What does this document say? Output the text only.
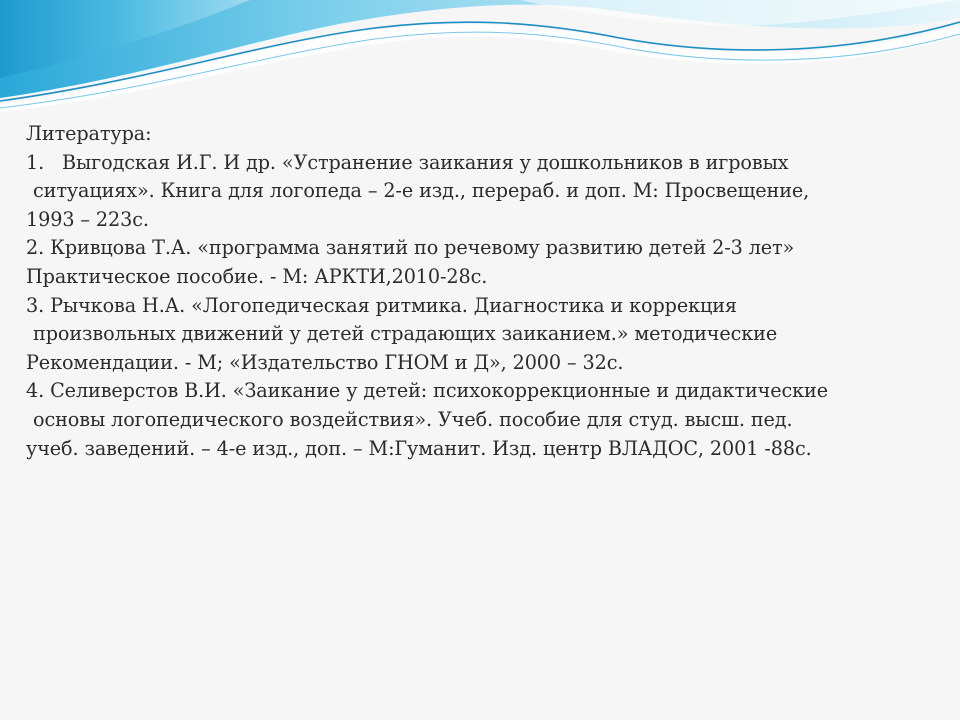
Литература:
1. Выгодская И.Г. И др. «Устранение заикания у дошкольников в игровых
ситуациях». Книга для логопеда – 2-е изд., перераб. и доп. М: Просвещение,
1993 – 223с.
2. Кривцова Т.А. «программа занятий по речевому развитию детей 2-3 лет»
Практическое пособие. - М: АРКТИ,2010-28с.
3. Рычкова Н.А. «Логопедическая ритмика. Диагностика и коррекция
произвольных движений у детей страдающих заиканием.» методические
Рекомендации. - М; «Издательство ГНОМ и Д», 2000 – 32с.
4. Селиверстов В.И. «Заикание у детей: психокоррекционные и дидактические
основы логопедического воздействия». Учеб. пособие для студ. высш. пед.
учеб. заведений. – 4-е изд., доп. – М:Гуманит. Изд. центр ВЛАДОС, 2001 -88с.
